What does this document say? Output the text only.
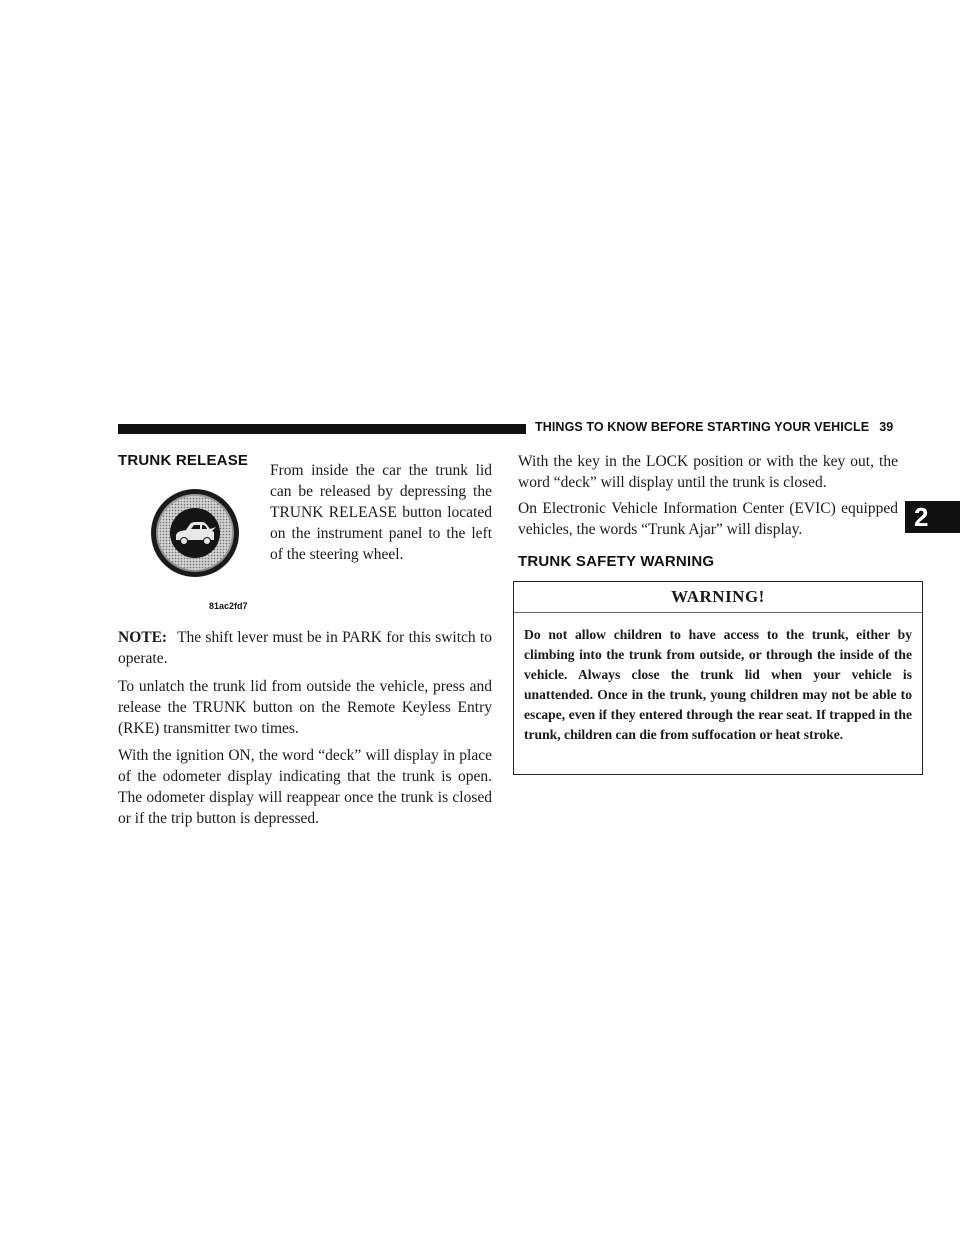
THINGS TO KNOW BEFORE STARTING YOUR VEHICLE 39
2
TRUNK RELEASE
81ac2fd7

From inside the car the trunk lid can be released by depressing the TRUNK RELEASE button located on the instrument panel to the left of the steering wheel.

NOTE: The shift lever must be in PARK for this switch to operate.

To unlatch the trunk lid from outside the vehicle, press and release the TRUNK button on the Remote Keyless Entry (RKE) transmitter two times.

With the ignition ON, the word “deck” will display in place of the odometer display indicating that the trunk is open. The odometer display will reappear once the trunk is closed or if the trip button is depressed.

With the key in the LOCK position or with the key out, the word “deck” will display until the trunk is closed.

On Electronic Vehicle Information Center (EVIC) equipped vehicles, the words “Trunk Ajar” will display.

TRUNK SAFETY WARNING
WARNING!
Do not allow children to have access to the trunk, either by climbing into the trunk from outside, or through the inside of the vehicle. Always close the trunk lid when your vehicle is unattended. Once in the trunk, young children may not be able to escape, even if they entered through the rear seat. If trapped in the trunk, children can die from suffocation or heat stroke.
